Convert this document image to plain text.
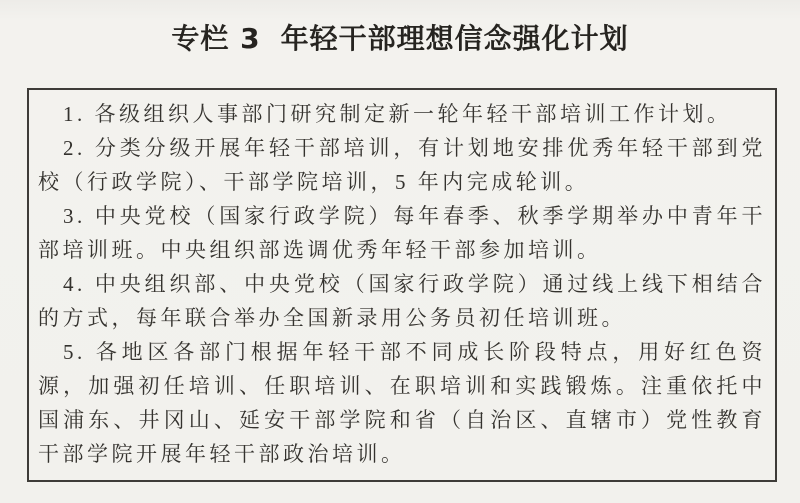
专栏 3 年轻干部理想信念强化计划

1. 各级组织人事部门研究制定新一轮年轻干部培训工作计划。

2. 分类分级开展年轻干部培训，有计划地安排优秀年轻干部到党校（行政学院）、干部学院培训，5 年内完成轮训。

3. 中央党校（国家行政学院）每年春季、秋季学期举办中青年干部培训班。中央组织部选调优秀年轻干部参加培训。

4. 中央组织部、中央党校（国家行政学院）通过线上线下相结合的方式，每年联合举办全国新录用公务员初任培训班。

5. 各地区各部门根据年轻干部不同成长阶段特点，用好红色资源，加强初任培训、任职培训、在职培训和实践锻炼。注重依托中国浦东、井冈山、延安干部学院和省（自治区、直辖市）党性教育干部学院开展年轻干部政治培训。
